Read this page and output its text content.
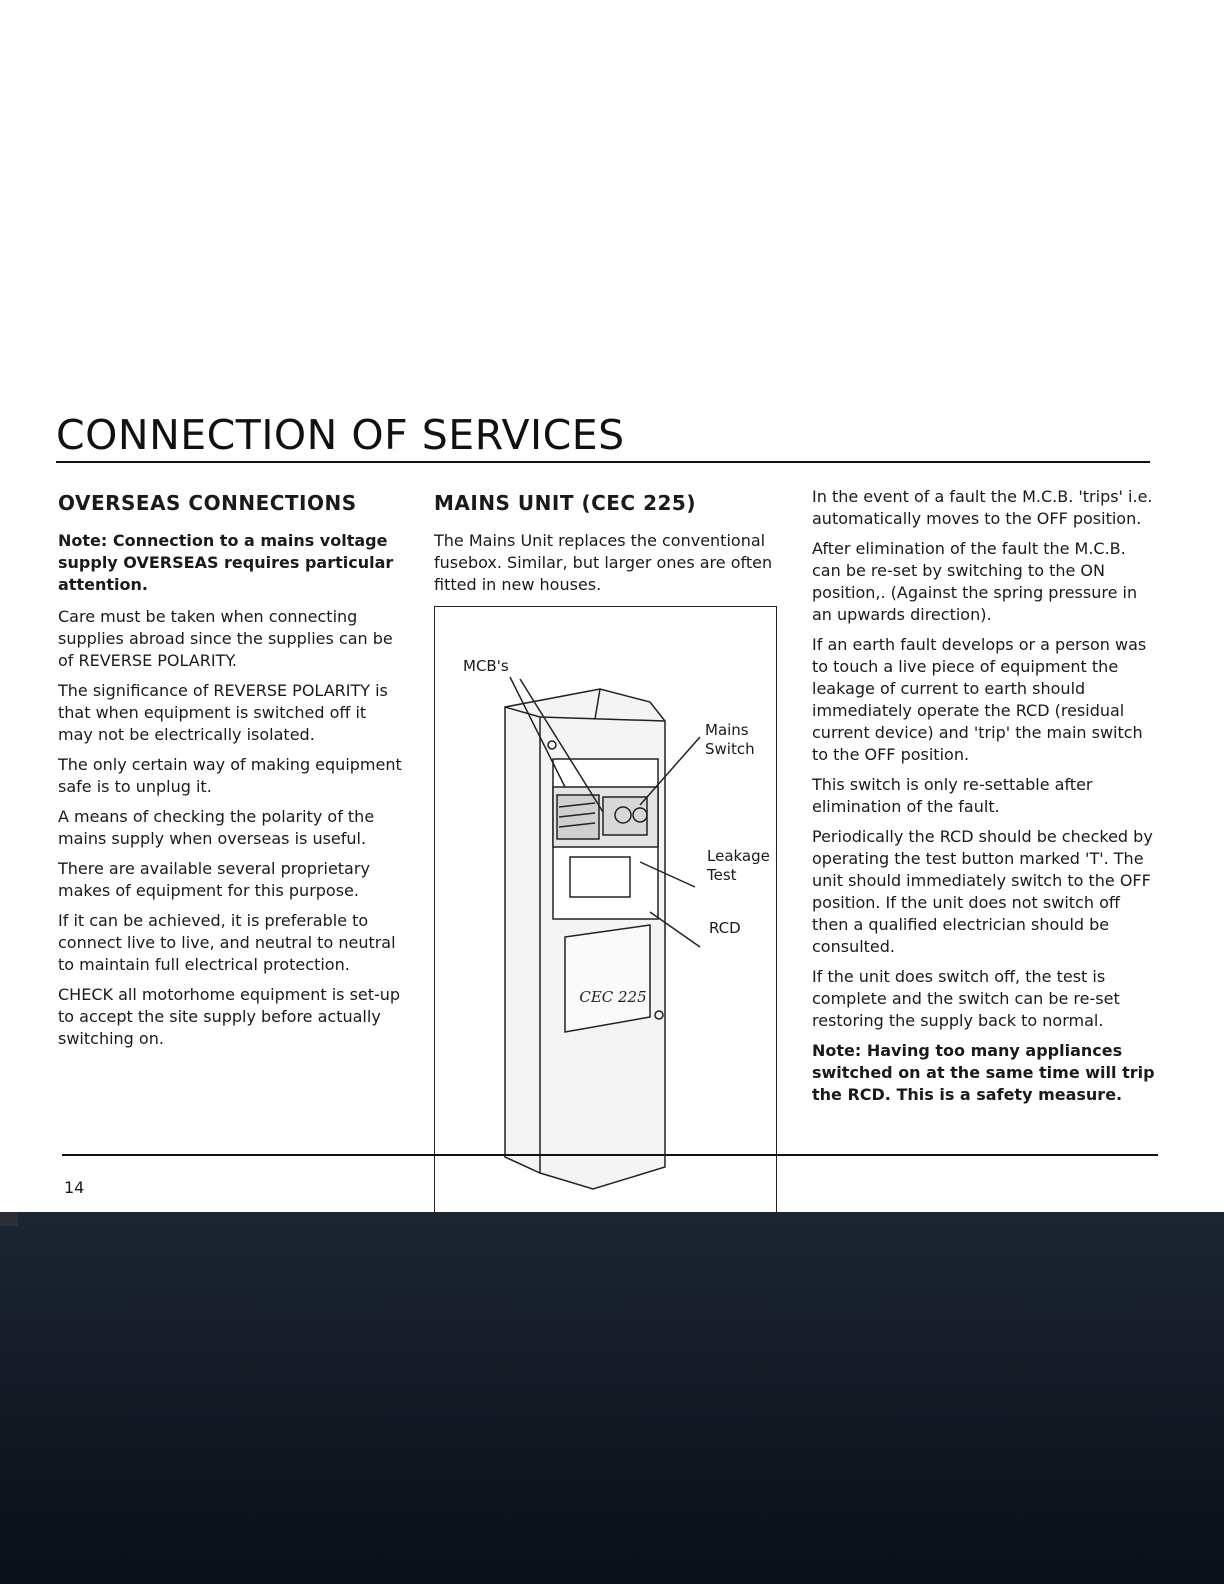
CONNECTION OF SERVICES
OVERSEAS CONNECTIONS

Note: Connection to a mains voltage supply OVERSEAS requires particular attention.

Care must be taken when connecting supplies abroad since the supplies can be of REVERSE POLARITY.

The significance of REVERSE POLARITY is that when equipment is switched off it may not be electrically isolated.

The only certain way of making equipment safe is to unplug it.

A means of checking the polarity of the mains supply when overseas is useful.

There are available several proprietary makes of equipment for this purpose.

If it can be achieved, it is preferable to connect live to live, and neutral to neutral to maintain full electrical protection.

CHECK all motorhome equipment is set-up to accept the site supply before actually switching on.

MAINS UNIT (CEC 225)

The Mains Unit replaces the conventional fusebox. Similar, but larger ones are often fitted in new houses.

CEC 225
MCB's
Mains
Switch
Leakage
Test
RCD

In the event of a fault the M.C.B. 'trips' i.e. automatically moves to the OFF position.

After elimination of the fault the M.C.B. can be re-set by switching to the ON position,. (Against the spring pressure in an upwards direction).

If an earth fault develops or a person was to touch a live piece of equipment the leakage of current to earth should immediately operate the RCD (residual current device) and 'trip' the main switch to the OFF position.

This switch is only re-settable after elimination of the fault.

Periodically the RCD should be checked by operating the test button marked 'T'. The unit should immediately switch to the OFF position. If the unit does not switch off then a qualified electrician should be consulted.

If the unit does switch off, the test is complete and the switch can be re-set restoring the supply back to normal.

Note: Having too many appliances switched on at the same time will trip the RCD. This is a safety measure.

14
